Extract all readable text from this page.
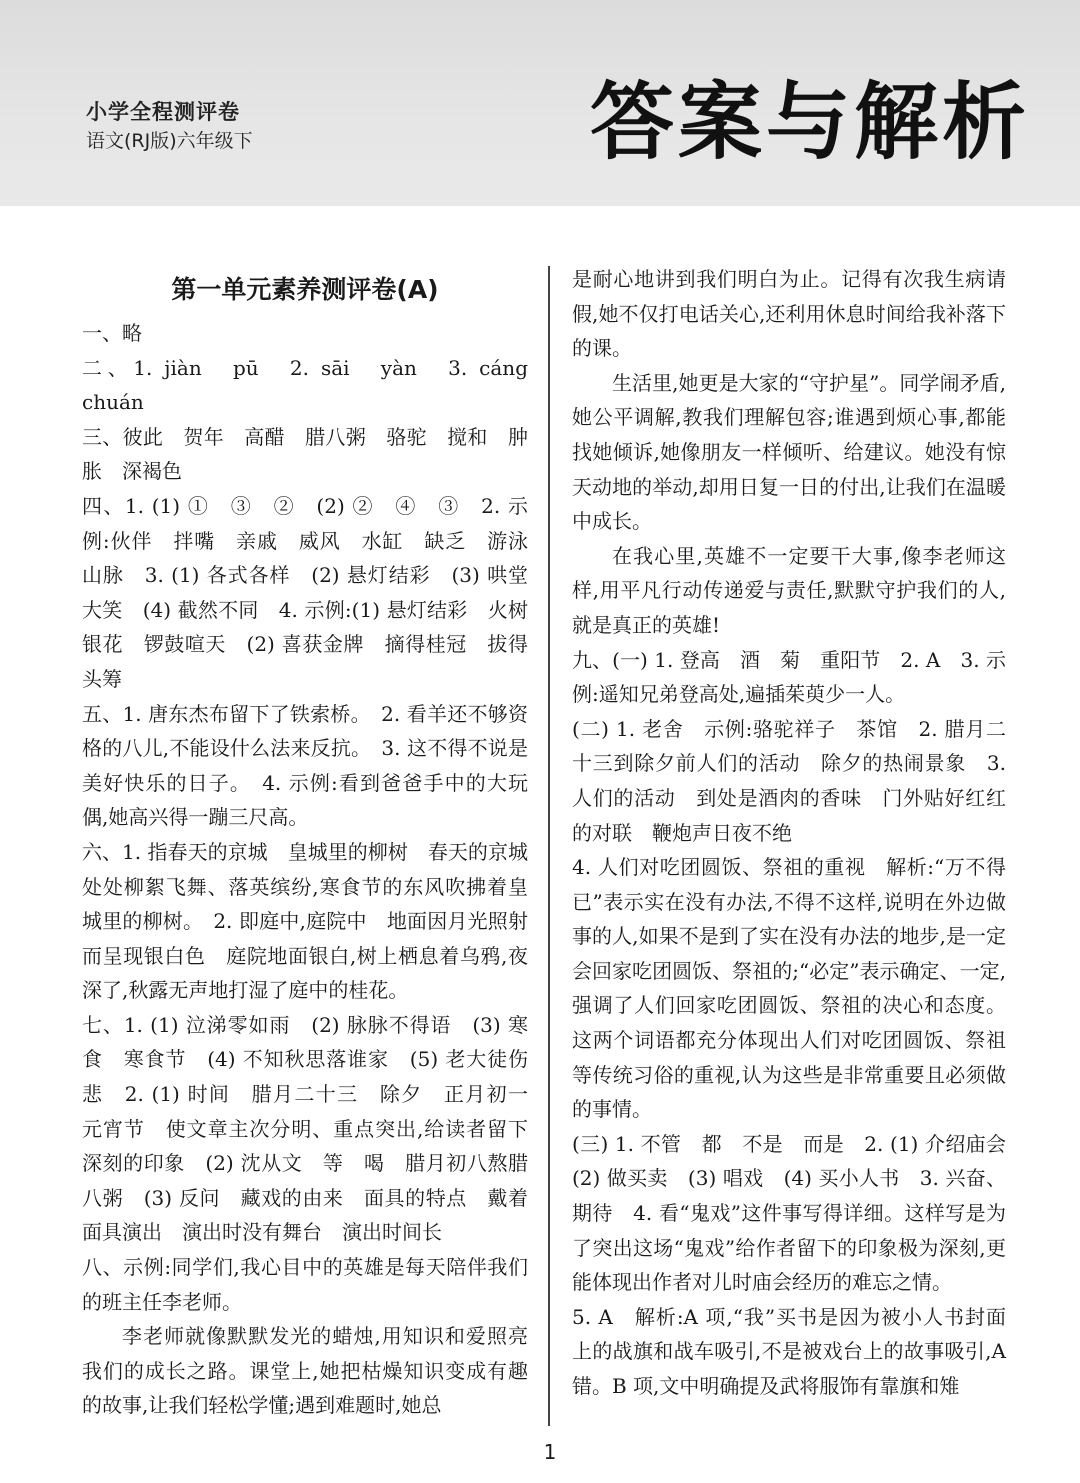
小学全程测评卷
语文(RJ版)六年级下	答案与解析
第一单元素养测评卷(A)
一、略
二、1. jiàn　pū　2. sāi　yàn　3. cáng　chuán
三、彼此　贺年　高醋　腊八粥　骆驼　搅和　肿胀　深褐色
四、1. (1) ①　③　②　(2) ②　④　③　2. 示例:伙伴　拌嘴　亲戚　威风　水缸　缺乏　游泳　山脉　3. (1) 各式各样　(2) 悬灯结彩　(3) 哄堂大笑　(4) 截然不同　4. 示例:(1) 悬灯结彩　火树银花　锣鼓喧天　(2) 喜获金牌　摘得桂冠　拔得头筹
五、1. 唐东杰布留下了铁索桥。　2. 看羊还不够资格的八儿,不能设什么法来反抗。　3. 这不得不说是美好快乐的日子。　4. 示例:看到爸爸手中的大玩偶,她高兴得一蹦三尺高。
六、1. 指春天的京城　皇城里的柳树　春天的京城处处柳絮飞舞、落英缤纷,寒食节的东风吹拂着皇城里的柳树。　2. 即庭中,庭院中　地面因月光照射而呈现银白色　庭院地面银白,树上栖息着乌鸦,夜深了,秋露无声地打湿了庭中的桂花。
七、1. (1) 泣涕零如雨　(2) 脉脉不得语　(3) 寒食　寒食节　(4) 不知秋思落谁家　(5) 老大徒伤悲　2. (1) 时间　腊月二十三　除夕　正月初一　元宵节　使文章主次分明、重点突出,给读者留下深刻的印象　(2) 沈从文　等　喝　腊月初八熬腊八粥　(3) 反问　藏戏的由来　面具的特点　戴着面具演出　演出时没有舞台　演出时间长
八、示例:同学们,我心目中的英雄是每天陪伴我们的班主任李老师。
李老师就像默默发光的蜡烛,用知识和爱照亮我们的成长之路。课堂上,她把枯燥知识变成有趣的故事,让我们轻松学懂;遇到难题时,她总
是耐心地讲到我们明白为止。记得有次我生病请假,她不仅打电话关心,还利用休息时间给我补落下的课。
生活里,她更是大家的“守护星”。同学闹矛盾,她公平调解,教我们理解包容;谁遇到烦心事,都能找她倾诉,她像朋友一样倾听、给建议。她没有惊天动地的举动,却用日复一日的付出,让我们在温暖中成长。
在我心里,英雄不一定要干大事,像李老师这样,用平凡行动传递爱与责任,默默守护我们的人,就是真正的英雄!
九、(一) 1. 登高　酒　菊　重阳节　2. A　3. 示例:遥知兄弟登高处,遍插茱萸少一人。
(二) 1. 老舍　示例:骆驼祥子　茶馆　2. 腊月二十三到除夕前人们的活动　除夕的热闹景象　3. 人们的活动　到处是酒肉的香味　门外贴好红红的对联　鞭炮声日夜不绝
4. 人们对吃团圆饭、祭祖的重视　解析:“万不得已”表示实在没有办法,不得不这样,说明在外边做事的人,如果不是到了实在没有办法的地步,是一定会回家吃团圆饭、祭祖的;“必定”表示确定、一定,强调了人们回家吃团圆饭、祭祖的决心和态度。这两个词语都充分体现出人们对吃团圆饭、祭祖等传统习俗的重视,认为这些是非常重要且必须做的事情。
(三) 1. 不管　都　不是　而是　2. (1) 介绍庙会　(2) 做买卖　(3) 唱戏　(4) 买小人书　3. 兴奋、期待　4. 看“鬼戏”这件事写得详细。这样写是为了突出这场“鬼戏”给作者留下的印象极为深刻,更能体现出作者对儿时庙会经历的难忘之情。
5. A　解析:A 项,“我”买书是因为被小人书封面上的战旗和战车吸引,不是被戏台上的故事吸引,A 错。B 项,文中明确提及武将服饰有靠旗和雉
1
